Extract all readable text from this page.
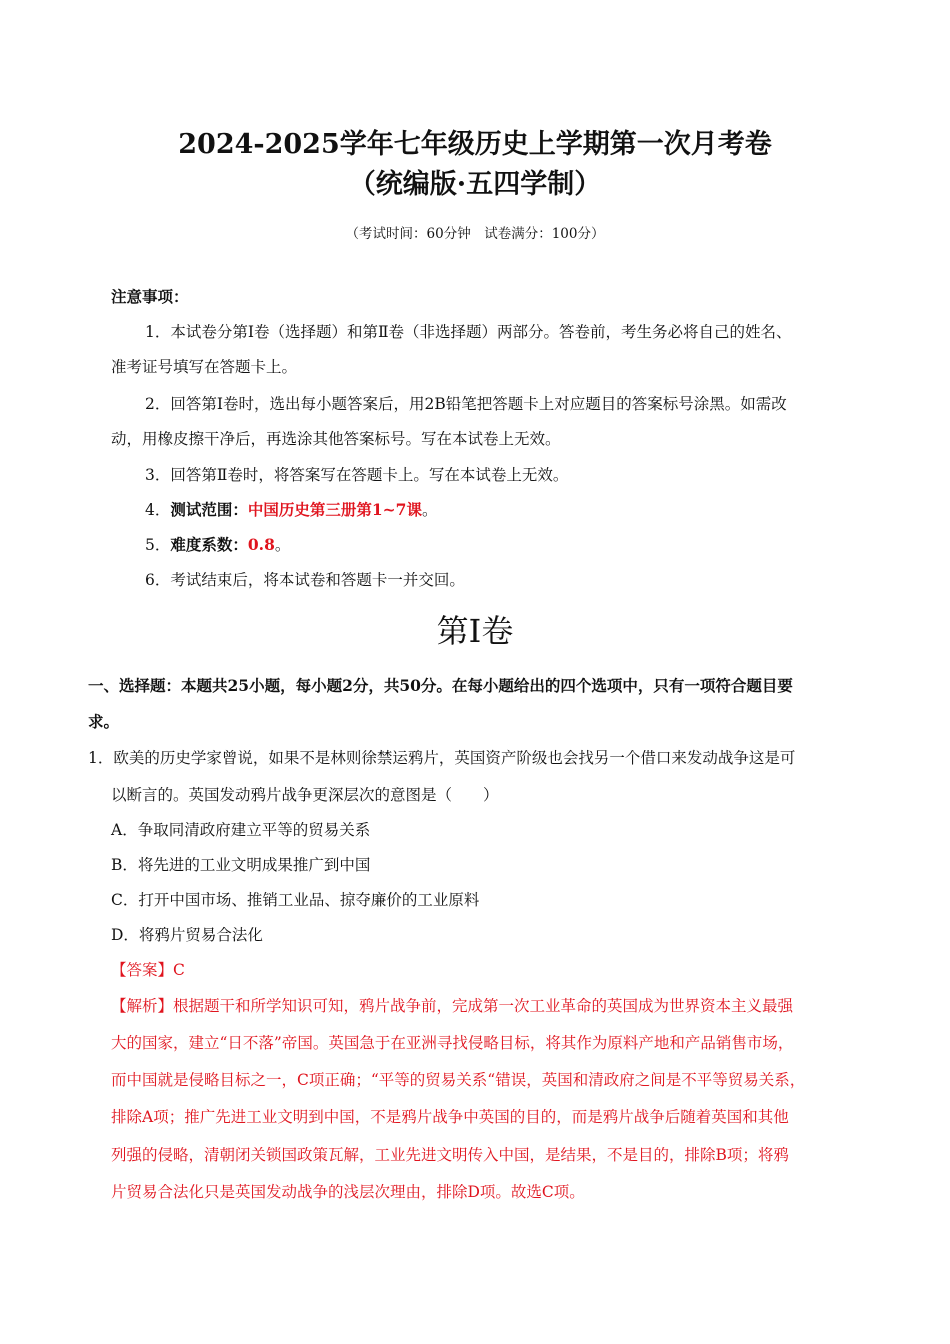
2024-2025学年七年级历史上学期第一次月考卷
（统编版·五四学制）
（考试时间：60分钟　试卷满分：100分）
注意事项：
1．本试卷分第Ⅰ卷（选择题）和第Ⅱ卷（非选择题）两部分。答卷前，考生务必将自己的姓名、
准考证号填写在答题卡上。
2．回答第Ⅰ卷时，选出每小题答案后，用2B铅笔把答题卡上对应题目的答案标号涂黑。如需改
动，用橡皮擦干净后，再选涂其他答案标号。写在本试卷上无效。
3．回答第Ⅱ卷时，将答案写在答题卡上。写在本试卷上无效。
4．测试范围：中国历史第三册第1~7课。
5．难度系数：0.8。
6．考试结束后，将本试卷和答题卡一并交回。
第Ⅰ卷
一、选择题：本题共25小题，每小题2分，共50分。在每小题给出的四个选项中，只有一项符合题目要
求。
1．欧美的历史学家曾说，如果不是林则徐禁运鸦片，英国资产阶级也会找另一个借口来发动战争这是可
以断言的。英国发动鸦片战争更深层次的意图是（　　）
A．争取同清政府建立平等的贸易关系
B．将先进的工业文明成果推广到中国
C．打开中国市场、推销工业品、掠夺廉价的工业原料
D．将鸦片贸易合法化
【答案】C
【解析】根据题干和所学知识可知，鸦片战争前，完成第一次工业革命的英国成为世界资本主义最强
大的国家，建立“日不落”帝国。英国急于在亚洲寻找侵略目标，将其作为原料产地和产品销售市场，
而中国就是侵略目标之一，C项正确；“平等的贸易关系“错误，英国和清政府之间是不平等贸易关系，
排除A项；推广先进工业文明到中国，不是鸦片战争中英国的目的，而是鸦片战争后随着英国和其他
列强的侵略，清朝闭关锁国政策瓦解，工业先进文明传入中国，是结果，不是目的，排除B项；将鸦
片贸易合法化只是英国发动战争的浅层次理由，排除D项。故选C项。
